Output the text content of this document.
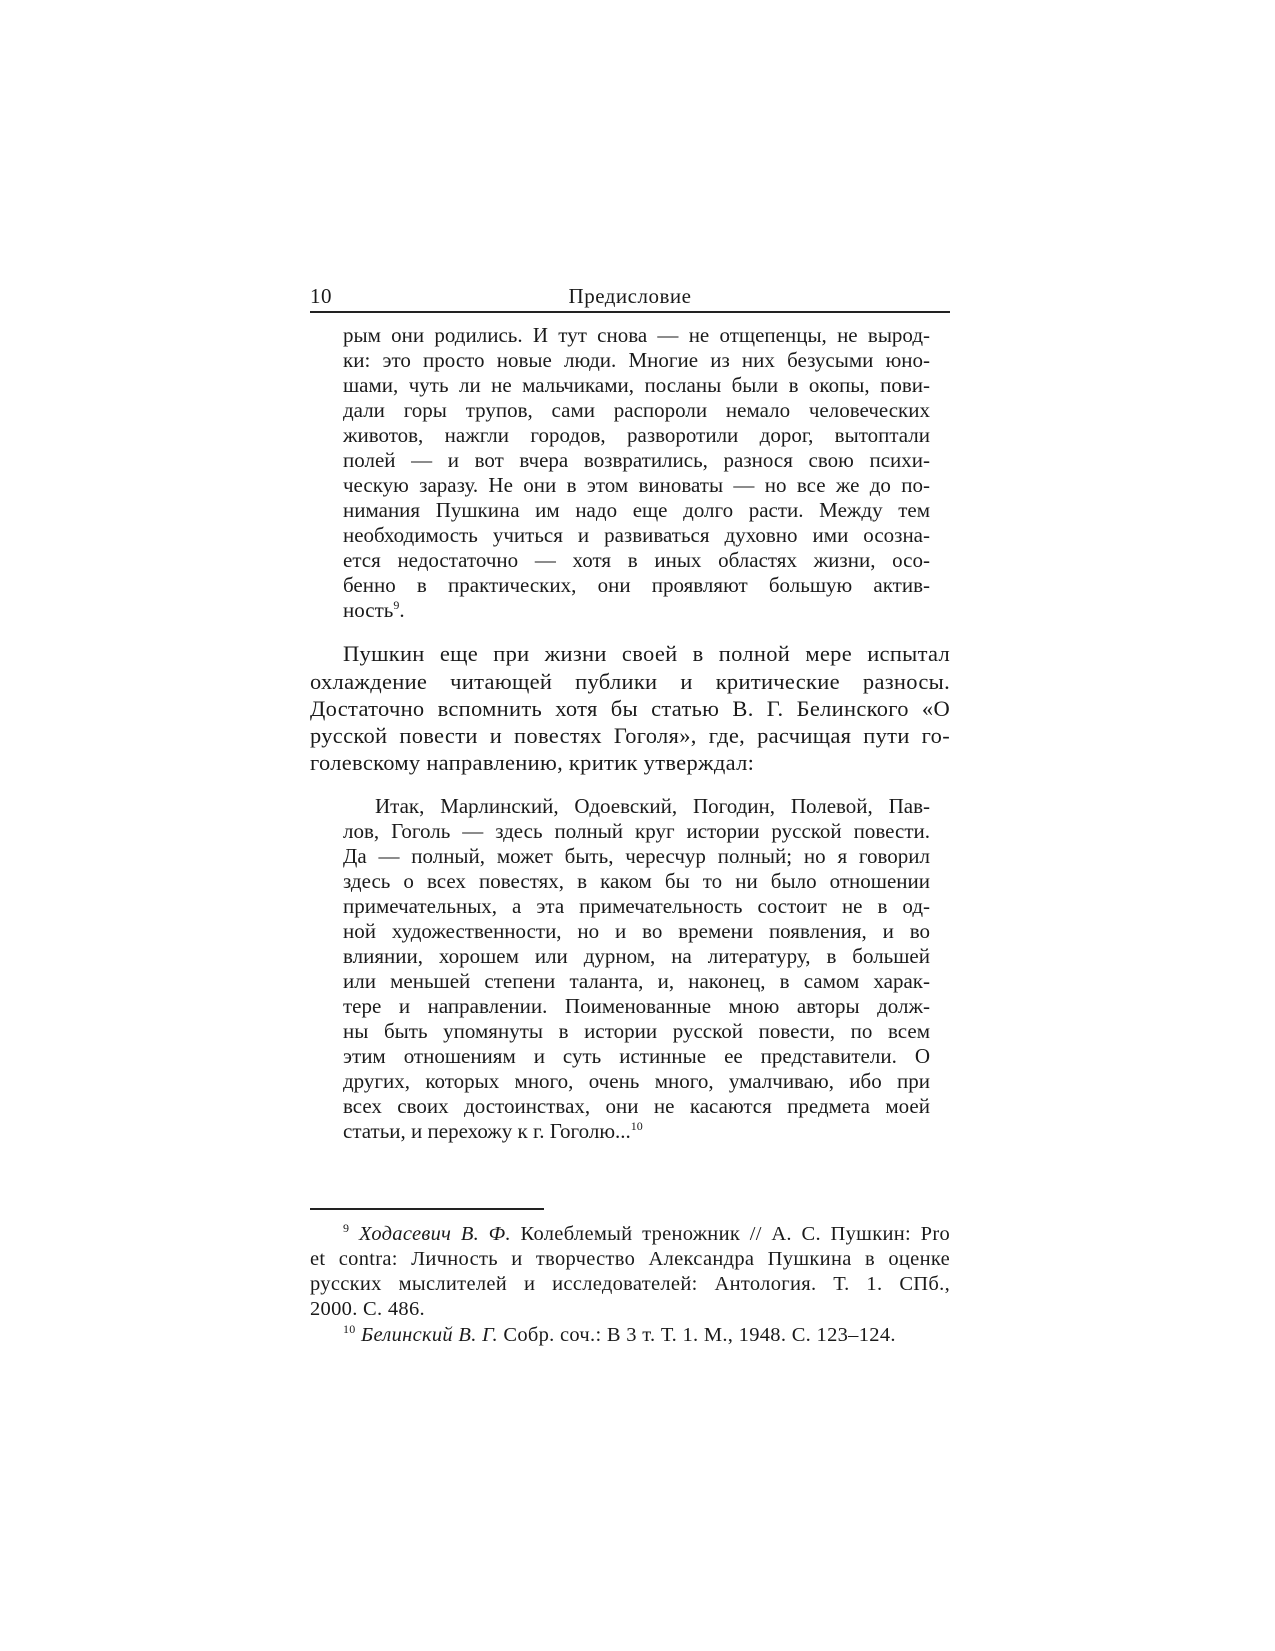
10	Предисловие
рым они родились. И тут снова — не отщепенцы, не вырод-
ки: это просто новые люди. Многие из них безусыми юно-
шами, чуть ли не мальчиками, посланы были в окопы, пови-
дали горы трупов, сами распороли немало человеческих
животов, нажгли городов, разворотили дорог, вытоптали
полей — и вот вчера возвратились, разнося свою психи-
ческую заразу. Не они в этом виноваты — но все же до по-
нимания Пушкина им надо еще долго расти. Между тем
необходимость учиться и развиваться духовно ими осозна-
ется недостаточно — хотя в иных областях жизни, осо-
бенно в практических, они проявляют большую актив-
ность$^9$.
Пушкин еще при жизни своей в полной мере испытал
охлаждение читающей публики и критические разносы.
Достаточно вспомнить хотя бы статью В. Г. Белинского «О
русской повести и повестях Гоголя», где, расчищая пути го-
голевскому направлению, критик утверждал:
Итак, Марлинский, Одоевский, Погодин, Полевой, Пав-
лов, Гоголь — здесь полный круг истории русской повести.
Да — полный, может быть, чересчур полный; но я говорил
здесь о всех повестях, в каком бы то ни было отношении
примечательных, а эта примечательность состоит не в од-
ной художественности, но и во времени появления, и во
влиянии, хорошем или дурном, на литературу, в большей
или меньшей степени таланта, и, наконец, в самом харак-
тере и направлении. Поименованные мною авторы долж-
ны быть упомянуты в истории русской повести, по всем
этим отношениям и суть истинные ее представители. О
других, которых много, очень много, умалчиваю, ибо при
всех своих достоинствах, они не касаются предмета моей
статьи, и перехожу к г. Гоголю...$^{10}$
$^9$ Ходасевич В. Ф. Колеблемый треножник // А. С. Пушкин: Pro
et contra: Личность и творчество Александра Пушкина в оценке
русских мыслителей и исследователей: Антология. Т. 1. СПб.,
2000. С. 486.
$^{10}$ Белинский В. Г. Собр. соч.: В 3 т. Т. 1. М., 1948. С. 123–124.
